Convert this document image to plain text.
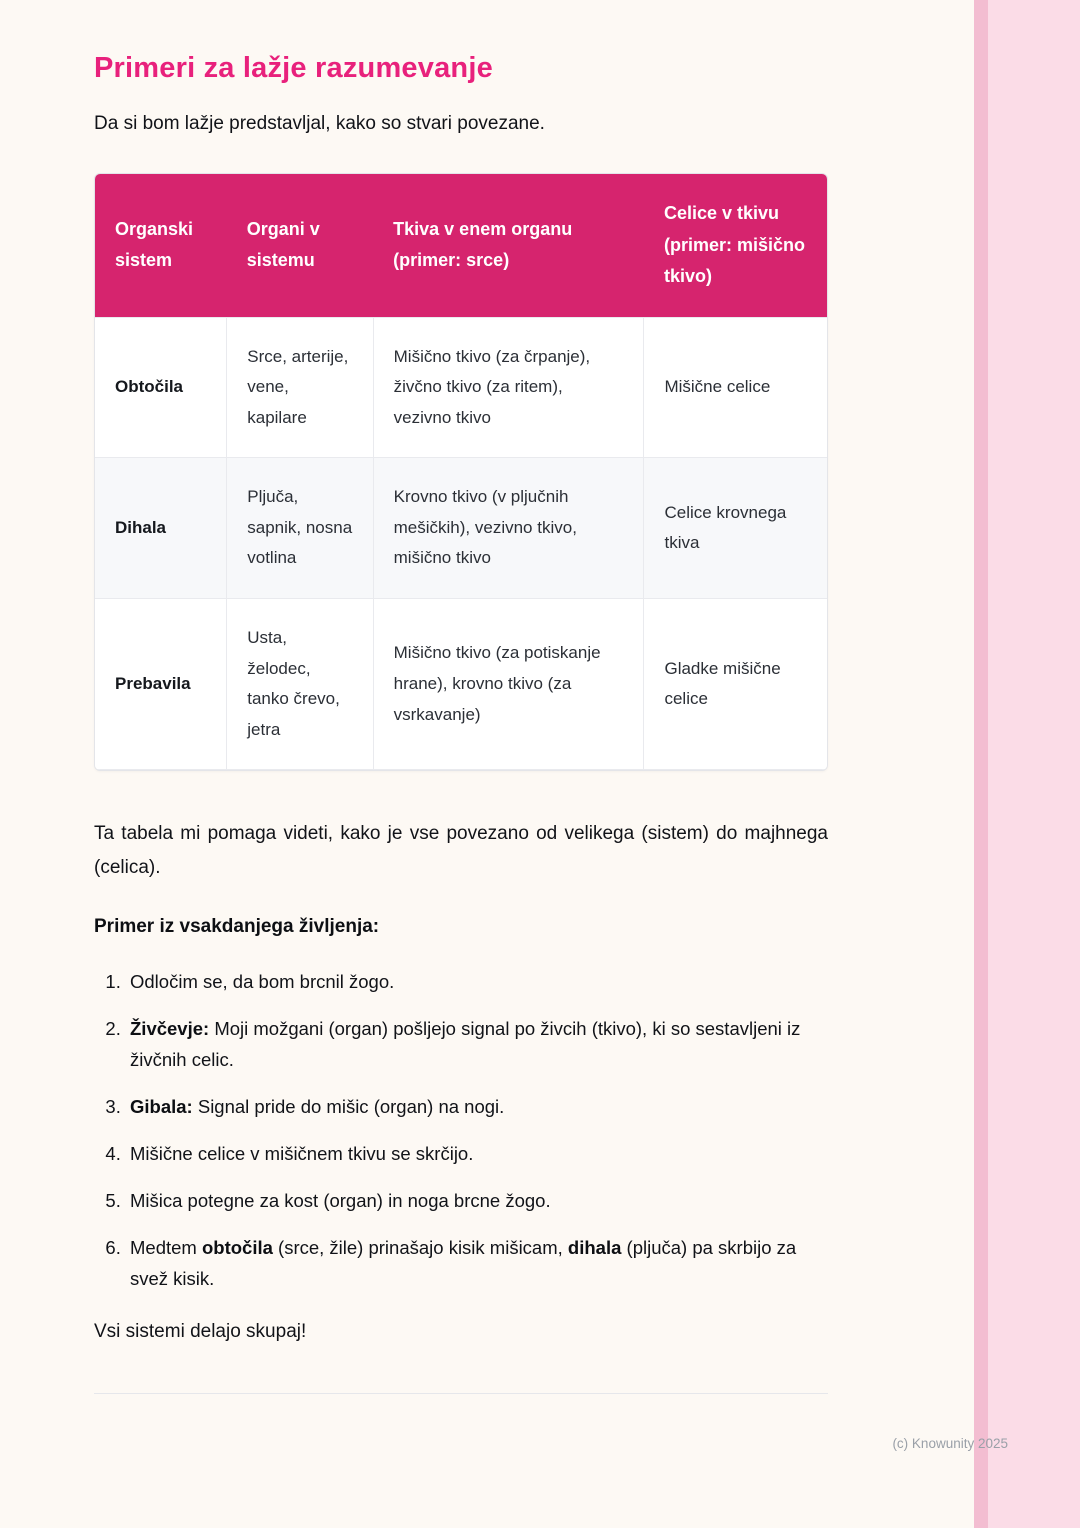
Primeri za lažje razumevanje

Da si bom lažje predstavljal, kako so stvari povezane.

Organski sistem	Organi v sistemu	Tkiva v enem organu (primer: srce)	Celice v tkivu (primer: mišično tkivo)
Obtočila	Srce, arterije, vene, kapilare	Mišično tkivo (za črpanje), živčno tkivo (za ritem), vezivno tkivo	Mišične celice
Dihala	Pljuča, sapnik, nosna votlina	Krovno tkivo (v pljučnih mešičkih), vezivno tkivo, mišično tkivo	Celice krovnega tkiva
Prebavila	Usta, želodec, tanko črevo, jetra	Mišično tkivo (za potiskanje hrane), krovno tkivo (za vsrkavanje)	Gladke mišične celice

Ta tabela mi pomaga videti, kako je vse povezano od velikega (sistem) do majhnega (celica).

Primer iz vsakdanjega življenja:

1. Odločim se, da bom brcnil žogo.
2. Živčevje: Moji možgani (organ) pošljejo signal po živcih (tkivo), ki so sestavljeni iz živčnih celic.
3. Gibala: Signal pride do mišic (organ) na nogi.
4. Mišične celice v mišičnem tkivu se skrčijo.
5. Mišica potegne za kost (organ) in noga brcne žogo.
6. Medtem obtočila (srce, žile) prinašajo kisik mišicam, dihala (pljuča) pa skrbijo za svež kisik.

Vsi sistemi delajo skupaj!

(c) Knowunity 2025
